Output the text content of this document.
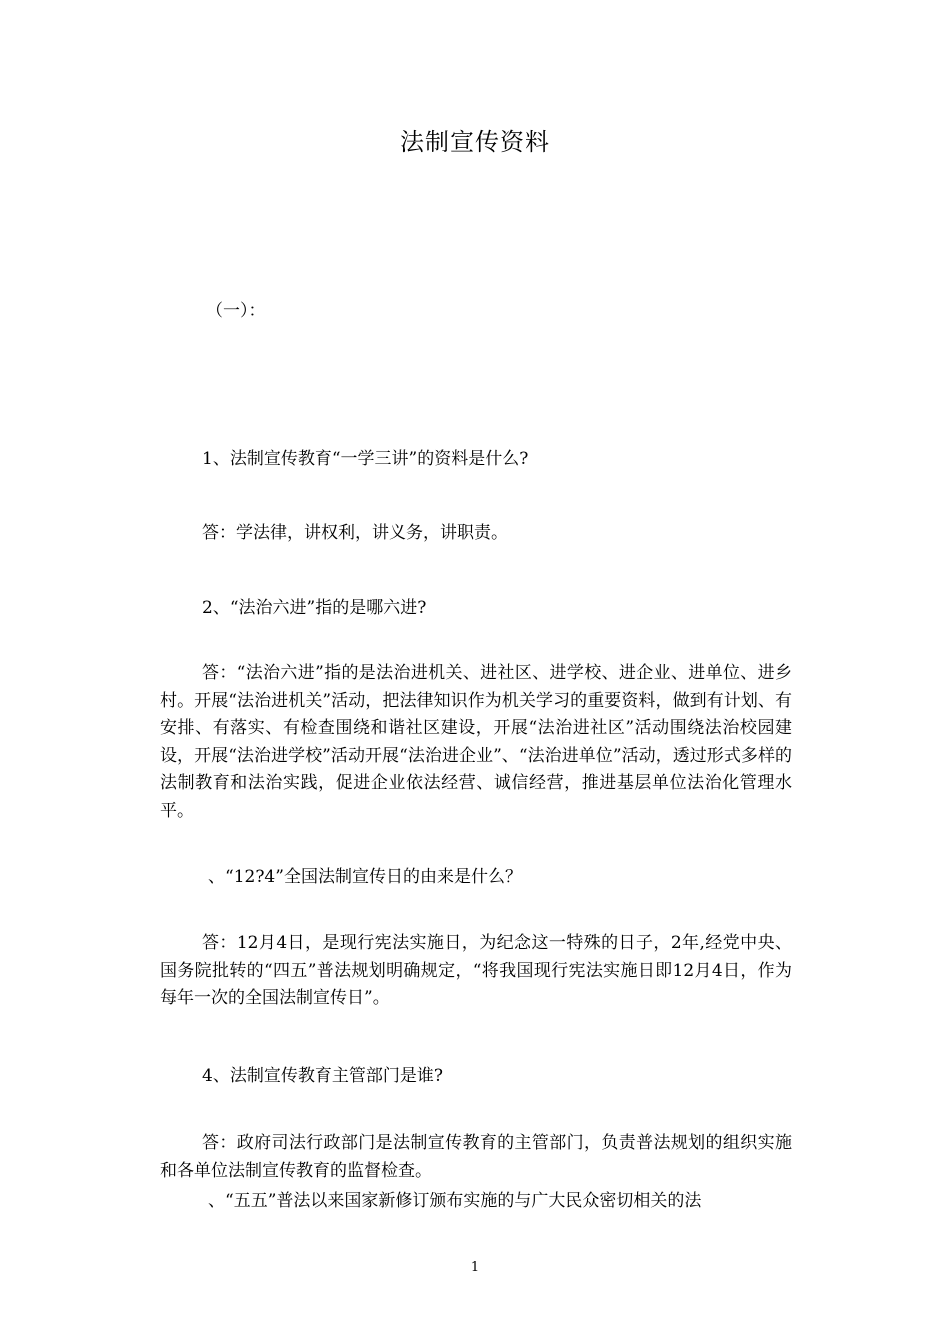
法制宣传资料

（一）：

1、法制宣传教育“一学三讲”的资料是什么?

答：学法律，讲权利，讲义务，讲职责。

2、“法治六进”指的是哪六进?

答：“法治六进”指的是法治进机关、进社区、进学校、进企业、进单位、进乡村。开展“法治进机关”活动，把法律知识作为机关学习的重要资料，做到有计划、有安排、有落实、有检查围绕和谐社区建设，开展“法治进社区”活动围绕法治校园建设，开展“法治进学校”活动开展“法治进企业”、“法治进单位”活动，透过形式多样的法制教育和法治实践，促进企业依法经营、诚信经营，推进基层单位法治化管理水平。

、“12?4”全国法制宣传日的由来是什么？

答：12月4日，是现行宪法实施日，为纪念这一特殊的日子，2年,经党中央、国务院批转的“四五”普法规划明确规定，“将我国现行宪法实施日即12月4日，作为每年一次的全国法制宣传日”。

4、法制宣传教育主管部门是谁?

答：政府司法行政部门是法制宣传教育的主管部门，负责普法规划的组织实施和各单位法制宣传教育的监督检查。

、“五五”普法以来国家新修订颁布实施的与广大民众密切相关的法

1
